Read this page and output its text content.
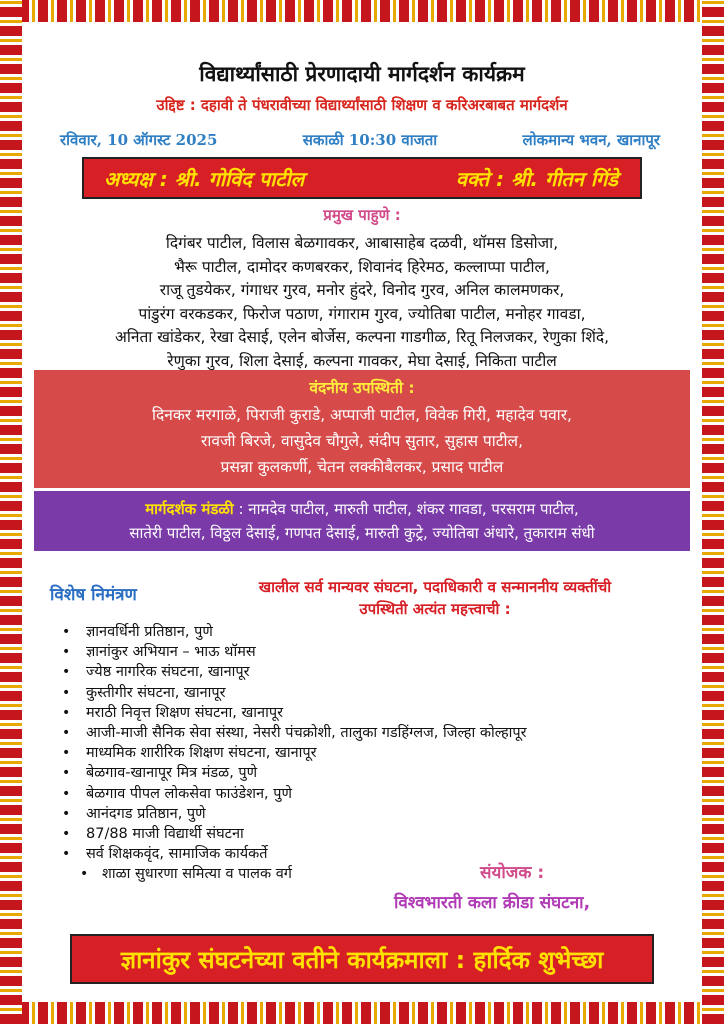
विद्यार्थ्यांसाठी प्रेरणादायी मार्गदर्शन कार्यक्रम
उद्दिष्ट : दहावी ते पंधरावीच्या विद्यार्थ्यांसाठी शिक्षण व करिअरबाबत मार्गदर्शन
रविवार, 10 ऑगस्ट 2025	सकाळी 10:30 वाजता	लोकमान्य भवन, खानापूर
अध्यक्ष : श्री. गोविंद पाटील	वक्ते : श्री. गीतन गिंडे
प्रमुख पाहुणे :
दिगंबर पाटील, विलास बेळगावकर, आबासाहेब दळवी, थॉमस डिसोजा,
भैरू पाटील, दामोदर कणबरकर, शिवानंद हिरेमठ, कल्लाप्पा पाटील,
राजू तुडयेकर, गंगाधर गुरव, मनोर हुंदरे, विनोद गुरव, अनिल कालमणकर,
पांडुरंग वरकडकर, फिरोज पठाण, गंगाराम गुरव, ज्योतिबा पाटील, मनोहर गावडा,
अनिता खांडेकर, रेखा देसाई, एलेन बोर्जेस, कल्पना गाडगीळ, रितू निलजकर, रेणुका शिंदे,
रेणुका गुरव, शिला देसाई, कल्पना गावकर, मेघा देसाई, निकिता पाटील
वंदनीय उपस्थिती :
दिनकर मरगाळे, पिराजी कुराडे, अप्पाजी पाटील, विवेक गिरी, महादेव पवार,
रावजी बिरजे, वासुदेव चौगुले, संदीप सुतार, सुहास पाटील,
प्रसन्ना कुलकर्णी, चेतन लक्कीबैलकर, प्रसाद पाटील
मार्गदर्शक मंडळी : नामदेव पाटील, मारुती पाटील, शंकर गावडा, परसराम पाटील,
सातेरी पाटील, विठ्ठल देसाई, गणपत देसाई, मारुती कुट्रे, ज्योतिबा अंधारे, तुकाराम संधी
विशेष निमंत्रण	खालील सर्व मान्यवर संघटना, पदाधिकारी व सन्माननीय व्यक्तींची
उपस्थिती अत्यंत महत्त्वाची :
• ज्ञानवर्धिनी प्रतिष्ठान, पुणे
• ज्ञानांकुर अभियान – भाऊ थॉमस
• ज्येष्ठ नागरिक संघटना, खानापूर
• कुस्तीगीर संघटना, खानापूर
• मराठी निवृत्त शिक्षण संघटना, खानापूर
• आजी-माजी सैनिक सेवा संस्था, नेसरी पंचक्रोशी, तालुका गडहिंग्लज, जिल्हा कोल्हापूर
• माध्यमिक शारीरिक शिक्षण संघटना, खानापूर
• बेळगाव-खानापूर मित्र मंडळ, पुणे
• बेळगाव पीपल लोकसेवा फाउंडेशन, पुणे
• आनंदगड प्रतिष्ठान, पुणे
• 87/88 माजी विद्यार्थी संघटना
• सर्व शिक्षकवृंद, सामाजिक कार्यकर्ते
• शाळा सुधारणा समित्या व पालक वर्ग	संयोजक :
विश्वभारती कला क्रीडा संघटना,
ज्ञानांकुर संघटनेच्या वतीने कार्यक्रमाला : हार्दिक शुभेच्छा
